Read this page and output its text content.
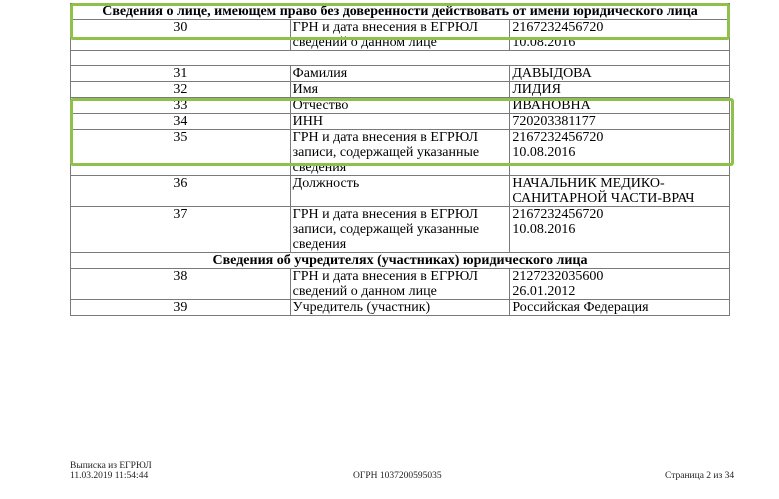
Сведения о лице, имеющем право без доверенности действовать от имени юридического лица		
30	ГРН и дата внесения в ЕГРЮЛ сведений о данном лице	2167232456720
10.08.2016

31	Фамилия	ДАВЫДОВА
32	Имя	ЛИДИЯ
33	Отчество	ИВАНОВНА
34	ИНН	720203381177
35	ГРН и дата внесения в ЕГРЮЛ записи, содержащей указанные сведения	2167232456720
10.08.2016
36	Должность	НАЧАЛЬНИК МЕДИКО-САНИТАРНОЙ ЧАСТИ-ВРАЧ
37	ГРН и дата внесения в ЕГРЮЛ записи, содержащей указанные сведения	2167232456720
10.08.2016
Сведения об учредителях (участниках) юридического лица		
38	ГРН и дата внесения в ЕГРЮЛ сведений о данном лице	2127232035600
26.01.2012
39	Учредитель (участник)	Российская Федерация
Выписка из ЕГРЮЛ
11.03.2019 11:54:44	ОГРН 1037200595035	Страница 2 из 34
